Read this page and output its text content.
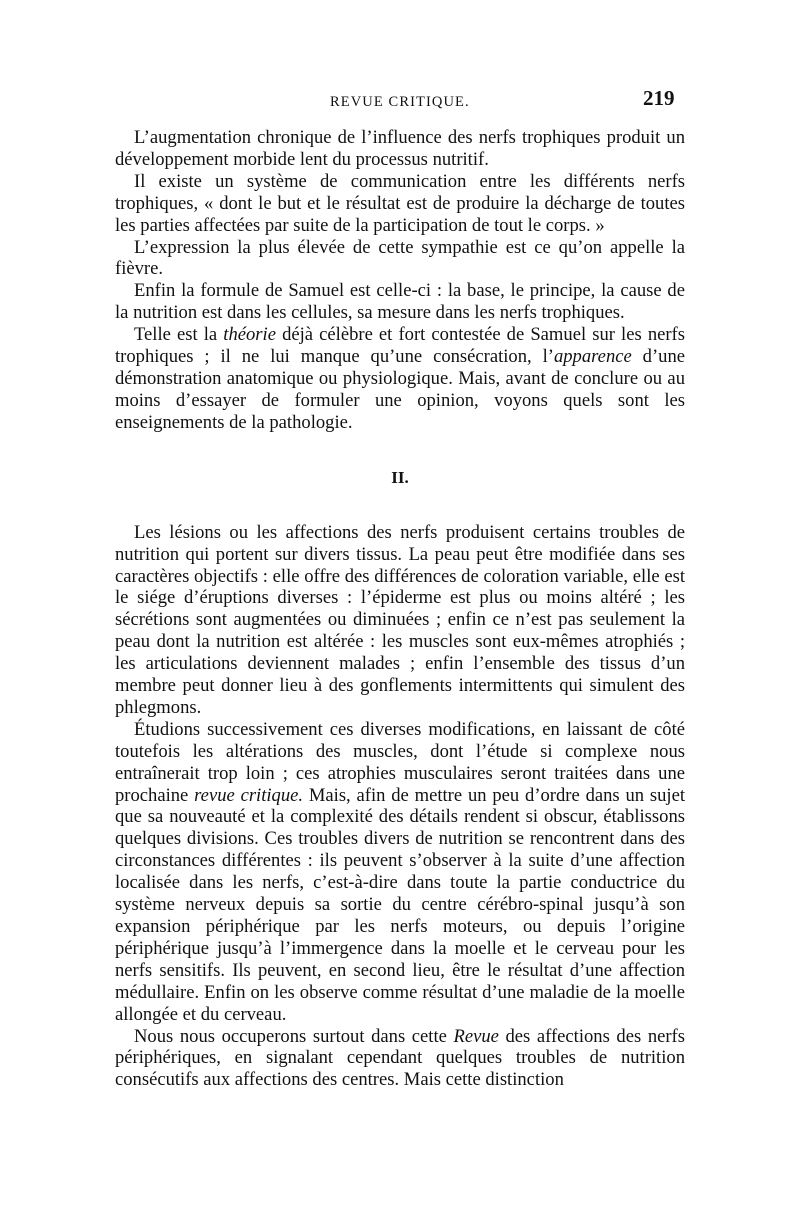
REVUE CRITIQUE.	219

L’augmentation chronique de l’influence des nerfs trophiques produit un développement morbide lent du processus nutritif.

Il existe un système de communication entre les différents nerfs trophiques, « dont le but et le résultat est de produire la décharge de toutes les parties affectées par suite de la participation de tout le corps. »

L’expression la plus élevée de cette sympathie est ce qu’on appelle la fièvre.

Enfin la formule de Samuel est celle-ci : la base, le principe, la cause de la nutrition est dans les cellules, sa mesure dans les nerfs trophiques.

Telle est la théorie déjà célèbre et fort contestée de Samuel sur les nerfs trophiques ; il ne lui manque qu’une consécration, l’apparence d’une démonstration anatomique ou physiologique. Mais, avant de conclure ou au moins d’essayer de formuler une opinion, voyons quels sont les enseignements de la pathologie.

II.

Les lésions ou les affections des nerfs produisent certains troubles de nutrition qui portent sur divers tissus. La peau peut être modifiée dans ses caractères objectifs : elle offre des différences de coloration variable, elle est le siége d’éruptions diverses : l’épiderme est plus ou moins altéré ; les sécrétions sont augmentées ou diminuées ; enfin ce n’est pas seulement la peau dont la nutrition est altérée : les muscles sont eux-mêmes atrophiés ; les articulations deviennent malades ; enfin l’ensemble des tissus d’un membre peut donner lieu à des gonflements intermittents qui simulent des phlegmons.

Étudions successivement ces diverses modifications, en laissant de côté toutefois les altérations des muscles, dont l’étude si complexe nous entraînerait trop loin ; ces atrophies musculaires seront traitées dans une prochaine revue critique. Mais, afin de mettre un peu d’ordre dans un sujet que sa nouveauté et la complexité des détails rendent si obscur, établissons quelques divisions. Ces troubles divers de nutrition se rencontrent dans des circonstances différentes : ils peuvent s’observer à la suite d’une affection localisée dans les nerfs, c’est-à-dire dans toute la partie conductrice du système nerveux depuis sa sortie du centre cérébro-spinal jusqu’à son expansion périphérique par les nerfs moteurs, ou depuis l’origine périphérique jusqu’à l’immergence dans la moelle et le cerveau pour les nerfs sensitifs. Ils peuvent, en second lieu, être le résultat d’une affection médullaire. Enfin on les observe comme résultat d’une maladie de la moelle allongée et du cerveau.

Nous nous occuperons surtout dans cette Revue des affections des nerfs périphériques, en signalant cependant quelques troubles de nutrition consécutifs aux affections des centres. Mais cette distinction
